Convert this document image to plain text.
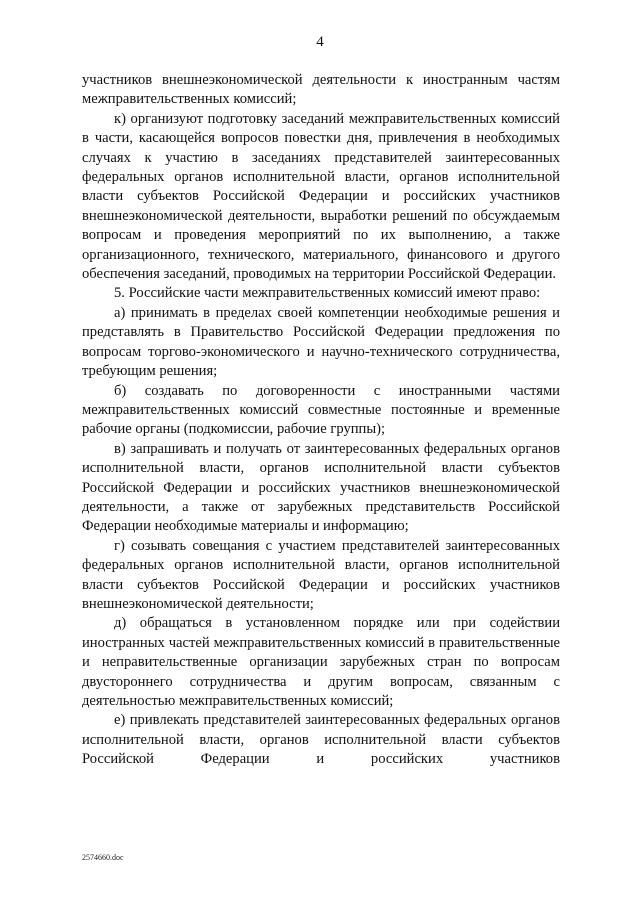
4

участников внешнеэкономической деятельности к иностранным частям межправительственных комиссий;

к) организуют подготовку заседаний межправительственных комиссий в части, касающейся вопросов повестки дня, привлечения в необходимых случаях к участию в заседаниях представителей заинтересованных федеральных органов исполнительной власти, органов исполнительной власти субъектов Российской Федерации и российских участников внешнеэкономической деятельности, выработки решений по обсуждаемым вопросам и проведения мероприятий по их выполнению, а также организационного, технического, материального, финансового и другого обеспечения заседаний, проводимых на территории Российской Федерации.

5. Российские части межправительственных комиссий имеют право:

а) принимать в пределах своей компетенции необходимые решения и представлять в Правительство Российской Федерации предложения по вопросам торгово-экономического и научно-технического сотрудничества, требующим решения;

б) создавать по договоренности с иностранными частями межправительственных комиссий совместные постоянные и временные рабочие органы (подкомиссии, рабочие группы);

в) запрашивать и получать от заинтересованных федеральных органов исполнительной власти, органов исполнительной власти субъектов Российской Федерации и российских участников внешнеэкономической деятельности, а также от зарубежных представительств Российской Федерации необходимые материалы и информацию;

г) созывать совещания с участием представителей заинтересованных федеральных органов исполнительной власти, органов исполнительной власти субъектов Российской Федерации и российских участников внешнеэкономической деятельности;

д) обращаться в установленном порядке или при содействии иностранных частей межправительственных комиссий в правительственные и неправительственные организации зарубежных стран по вопросам двустороннего сотрудничества и другим вопросам, связанным с деятельностью межправительственных комиссий;

е) привлекать представителей заинтересованных федеральных органов исполнительной власти, органов исполнительной власти субъектов Российской Федерации и российских участников

2574660.doc
